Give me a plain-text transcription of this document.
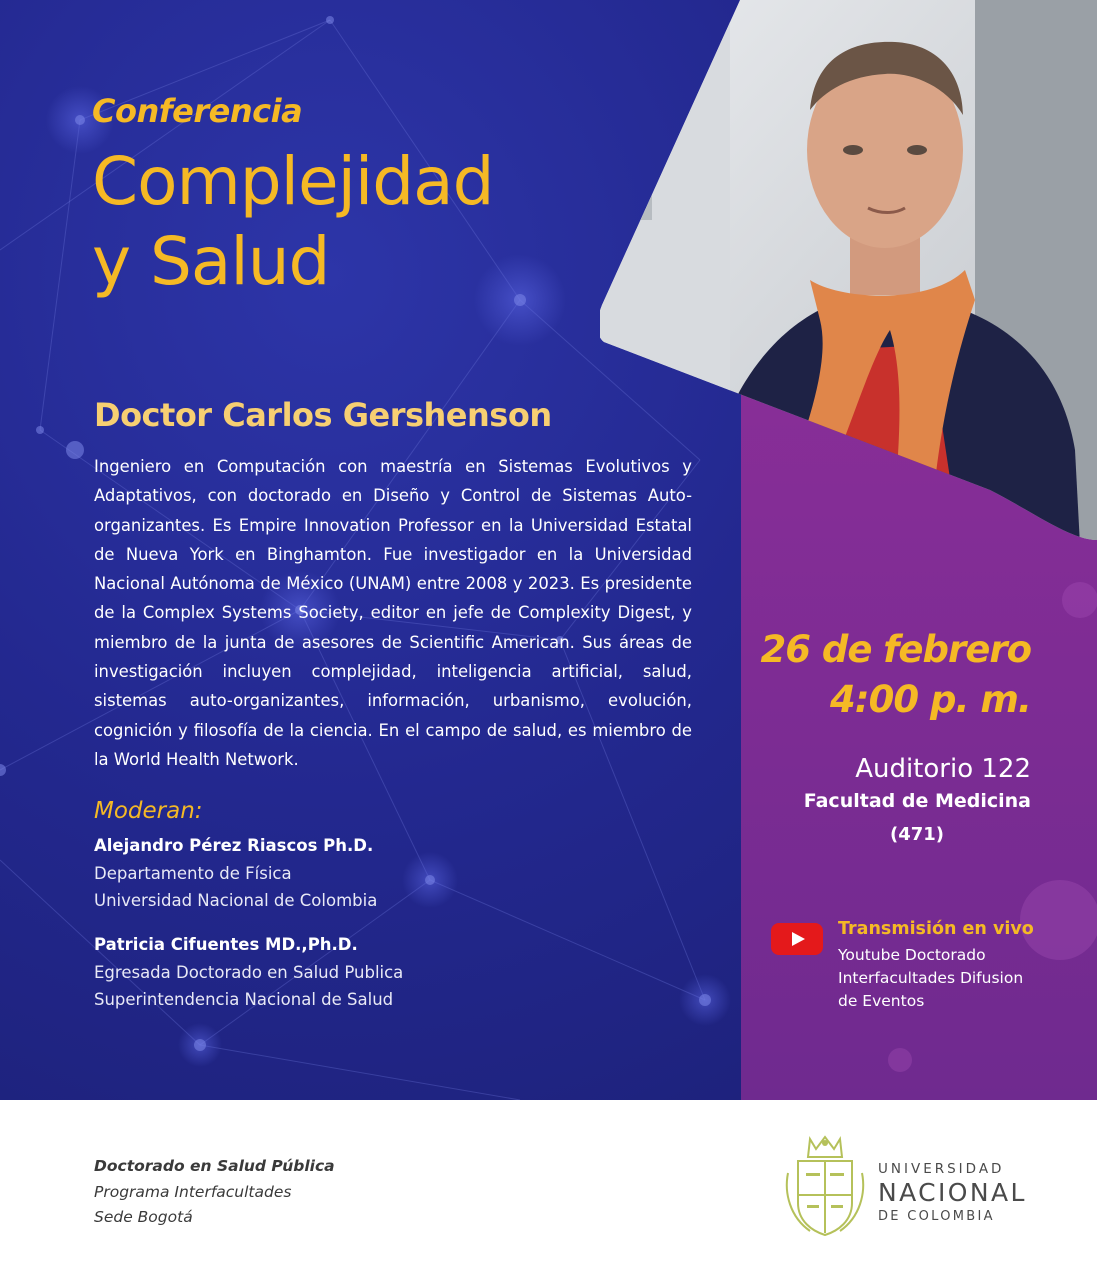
Conferencia
Complejidad
y Salud
Doctor Carlos Gershenson
Ingeniero en Computación con maestría en Sistemas Evolutivos y Adaptativos, con doctorado en Diseño y Control de Sistemas Auto-organizantes. Es Empire Innovation Professor en la Universidad Estatal de Nueva York en Binghamton. Fue investigador en la Universidad Nacional Autónoma de México (UNAM) entre 2008 y 2023. Es presidente de la Complex Systems Society, editor en jefe de Complexity Digest, y miembro de la junta de asesores de Scientific American. Sus áreas de investigación incluyen complejidad, inteligencia artificial, salud, sistemas auto-organizantes, información, urbanismo, evolución, cognición y filosofía de la ciencia. En el campo de salud, es miembro de la World Health Network.
Moderan:
Alejandro Pérez Riascos Ph.D.
Departamento de Física
Universidad Nacional de Colombia
Patricia Cifuentes MD.,Ph.D.
Egresada Doctorado en Salud Publica
Superintendencia Nacional de Salud
26 de febrero
4:00 p. m.
Auditorio 122
Facultad de Medicina
(471)
Transmisión en vivo
Youtube Doctorado
Interfacultades Difusion
de Eventos
Doctorado en Salud Pública
Programa Interfacultades
Sede Bogotá
UNIVERSIDAD
NACIONAL
DE COLOMBIA
